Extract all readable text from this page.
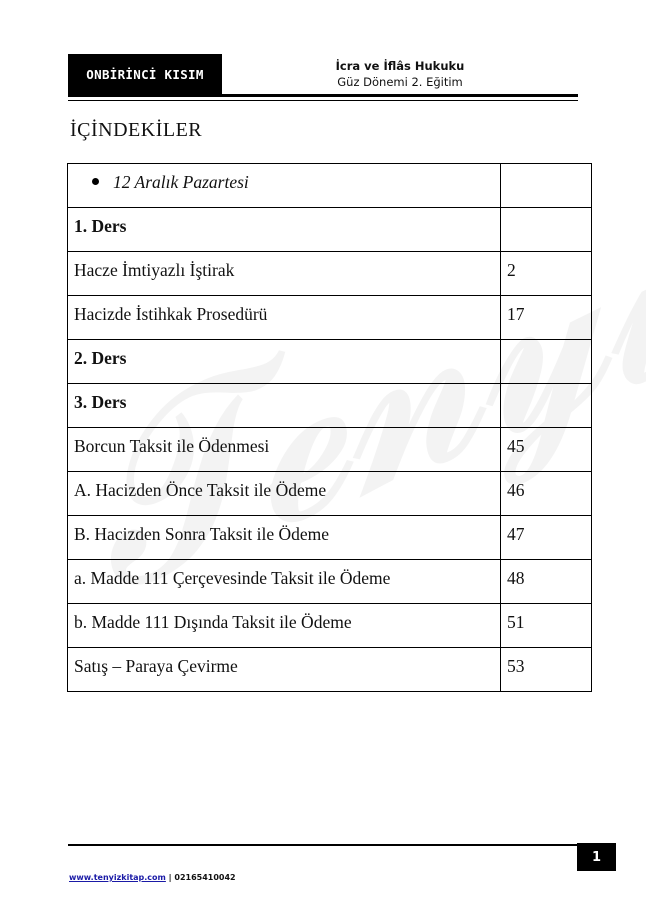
ONBİRİNCİ KISIM
İcra ve İflâs Hukuku
Güz Dönemi 2. Eğitim
İÇİNDEKİLER
12 Aralık Pazartesi	
1. Ders	
Hacze İmtiyazlı İştirak	2
Hacizde İstihkak Prosedürü	17
2. Ders	
3. Ders	
Borcun Taksit ile Ödenmesi	45
A. Hacizden Önce Taksit ile Ödeme	46
B. Hacizden Sonra Taksit ile Ödeme	47
a. Madde 111 Çerçevesinde Taksit ile Ödeme	48
b. Madde 111 Dışında Taksit ile Ödeme	51
Satış – Paraya Çevirme	53
1
www.tenyizkitap.com | 02165410042
